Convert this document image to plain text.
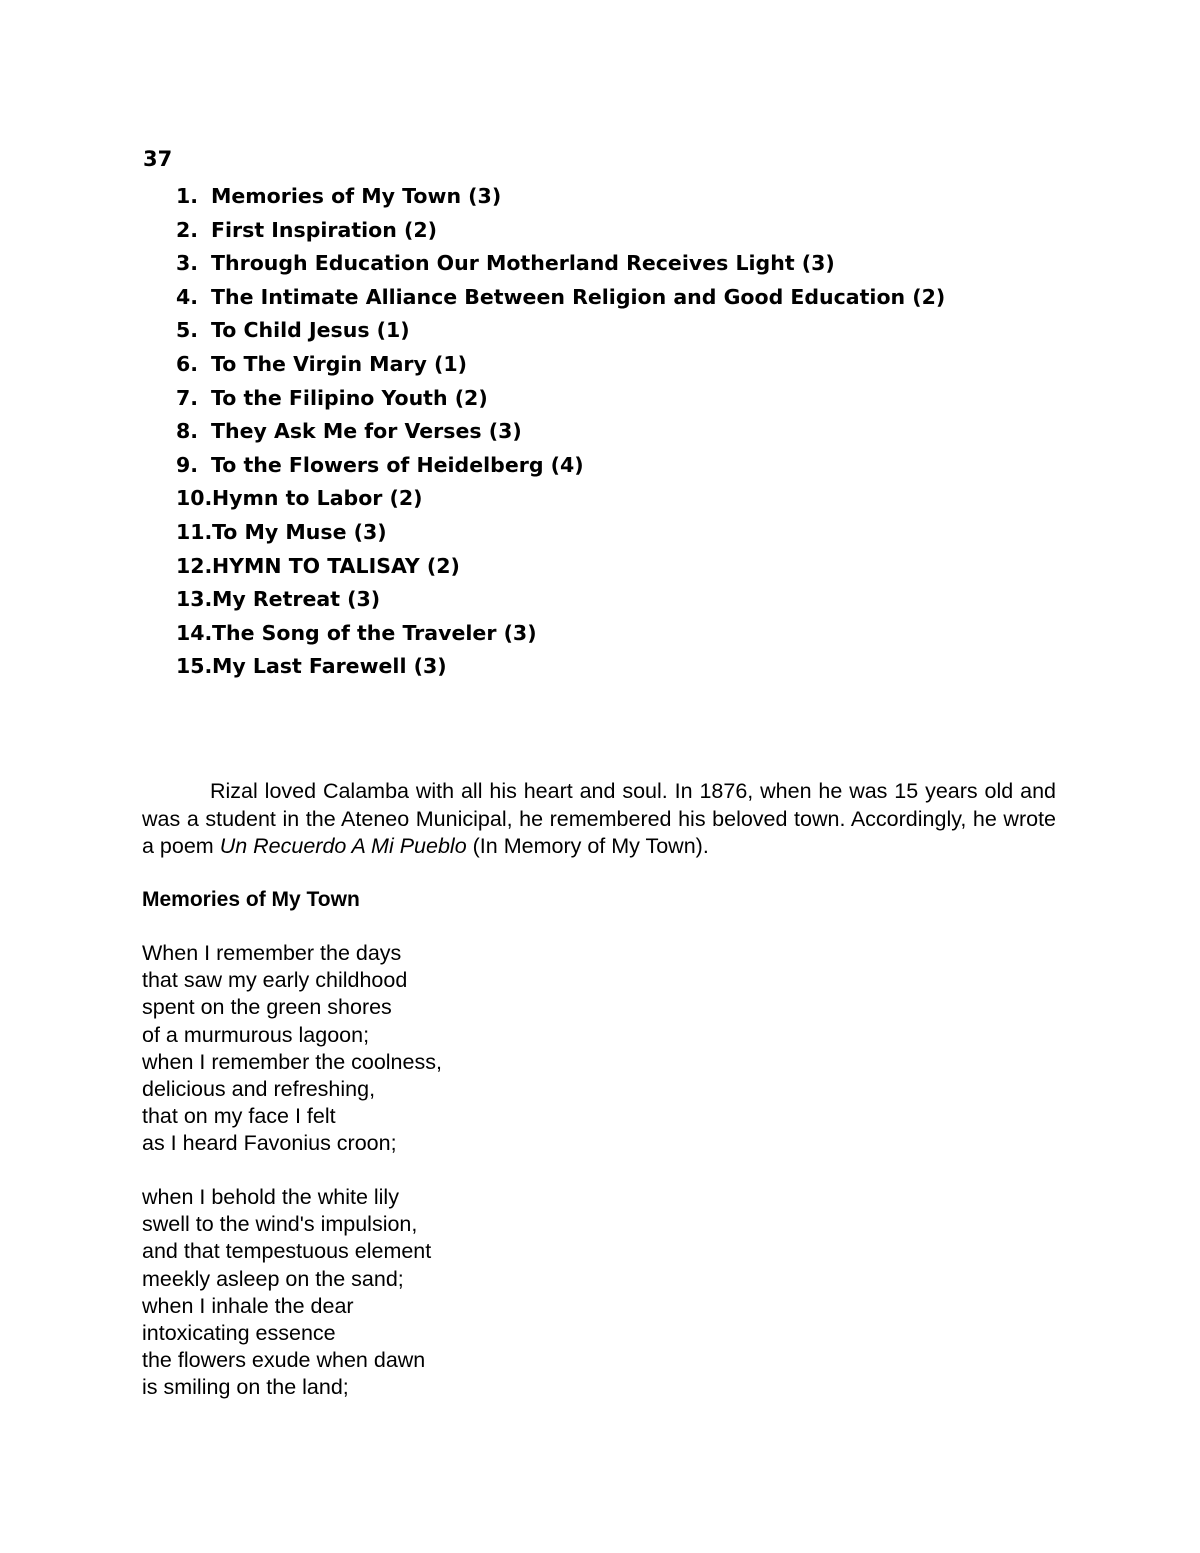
37
1. Memories of My Town (3)
2. First Inspiration (2)
3. Through Education Our Motherland Receives Light (3)
4. The Intimate Alliance Between Religion and Good Education (2)
5. To Child Jesus (1)
6. To The Virgin Mary (1)
7. To the Filipino Youth (2)
8. They Ask Me for Verses (3)
9. To the Flowers of Heidelberg (4)
10. Hymn to Labor (2)
11. To My Muse (3)
12. HYMN TO TALISAY (2)
13. My Retreat (3)
14. The Song of the Traveler (3)
15. My Last Farewell (3)

Rizal loved Calamba with all his heart and soul. In 1876, when he was 15 years old and was a student in the Ateneo Municipal, he remembered his beloved town. Accordingly, he wrote a poem Un Recuerdo A Mi Pueblo (In Memory of My Town).

Memories of My Town
When I remember the days
that saw my early childhood
spent on the green shores
of a murmurous lagoon;
when I remember the coolness,
delicious and refreshing,
that on my face I felt
as I heard Favonius croon;
when I behold the white lily
swell to the wind's impulsion,
and that tempestuous element
meekly asleep on the sand;
when I inhale the dear
intoxicating essence
the flowers exude when dawn
is smiling on the land;
